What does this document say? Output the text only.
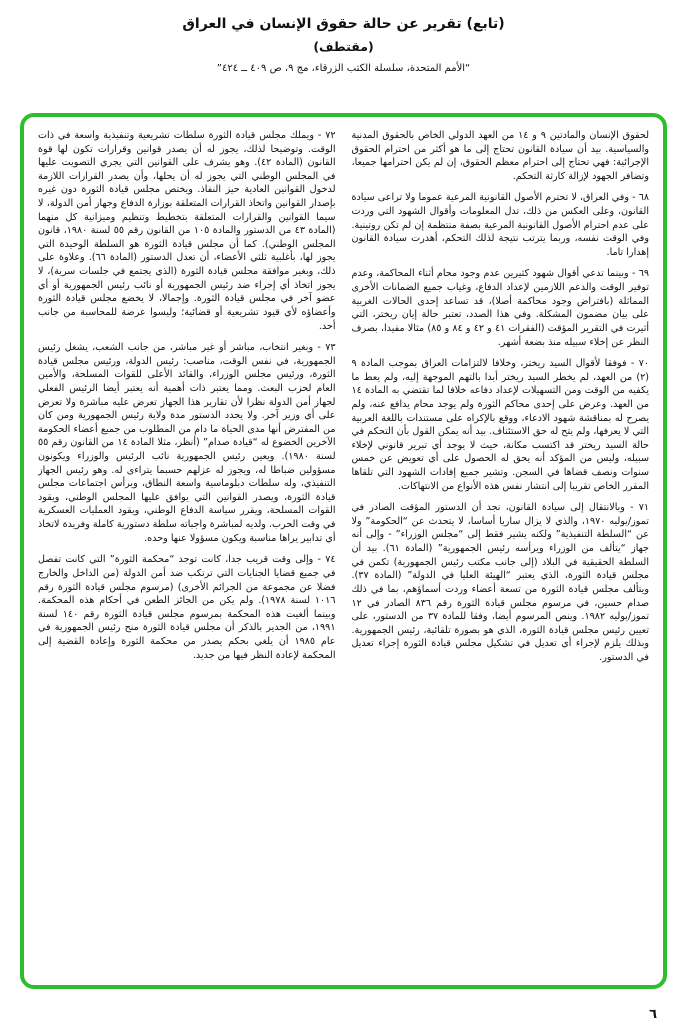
(تابع) تقرير عن حالة حقوق الإنسان في العراق
(مقتطف)
“الأمم المتحدة، سلسلة الكتب الزرقاء، مج ٩، ص ٤٠٩ ــ ٤٢٤”

لحقوق الإنسان والمادتين ٩ و ١٤ من العهد الدولي الخاص بالحقوق المدنية والسياسية. بيد أن سيادة القانون تحتاج إلى ما هو أكثر من احترام الحقوق الإجرائية: فهي تحتاج إلى احترام معظم الحقوق، إن لم يكن احترامها جميعا، وتضافر الجهود لإزالة كارثة التحكم.

٦٨ - وفي العراق، لا تحترم الأصول القانونية المرعية عموما ولا تراعى سيادة القانون، وعلى العكس من ذلك، تدل المعلومات وأقوال الشهود التي وردت على عدم احترام الأصول القانونية المرعية بصفة منتظمة إن لم تكن روتينية. وفي الوقت نفسه، وربما يترتب نتيجة لذلك التحكم، أهدرت سيادة القانون إهدارا تاما.

٦٩ - وبينما تدعي أقوال شهود كثيرين عدم وجود محام أثناء المحاكمة، وعدم توفير الوقت والدعم اللازمين لإعداد الدفاع، وغياب جميع الضمانات الأخرى المماثلة (بافتراض وجود محاكمة أصلا)، قد تساعد إحدى الحالات الغربية على بيان مضمون المشكلة. وفي هذا الصدد، تعتبر حالة إيان ريختر، التي أثيرت في التقرير المؤقت (الفقرات ٤١ و ٤٢ و ٨٤ و ٨٥) مثالا مفيدا، بصرف النظر عن إخلاء سبيله منذ بضعة أشهر.

٧٠ - فوفقا لأقوال السيد ريختر، وخلافا لالتزامات العراق بموجب المادة ٩ (٢) من العهد، لم يخطر السيد ريختر أبدا بالتهم الموجهة إليه، ولم يعط ما يكفيه من الوقت ومن التسهيلات لإعداد دفاعه خلافا لما تقتضي به المادة ١٤ من العهد. وعرض على إحدى محاكم الثورة ولم يوجد محام يدافع عنه، ولم يصرح له بمناقشة شهود الادعاء، ووقع بالإكراه على مستندات باللغة العربية التي لا يعرفها، ولم يتح له حق الاستئناف. بيد أنه يمكن القول بأن التحكم في حالة السيد ريختر قد اكتسب مكانة، حيث لا يوجد أي تبرير قانوني لإخلاء سبيله، وليس من المؤكد أنه يحق له الحصول على أي تعويض عن خمس سنوات ونصف قضاها في السجن. وتشير جميع إفادات الشهود التي تلقاها المقرر الخاص تقريبا إلى انتشار نفس هذه الأنواع من الانتهاكات.

٧١ - وبالانتقال إلى سيادة القانون، نجد أن الدستور المؤقت الصادر في تموز/يوليه ١٩٧٠، والذي لا يزال ساريا أساسا، لا يتحدث عن “الحكومة” ولا عن “السلطة التنفيذية” ولكنه يشير فقط إلى “مجلس الوزراء” - وإلى أنه جهاز “يتألف من الوزراء ويرأسه رئيس الجمهورية” (المادة ٦١). بيد أن السلطة الحقيقية في البلاد (إلى جانب مكتب رئيس الجمهورية) تكمن في مجلس قيادة الثورة، الذي يعتبر “الهيئة العليا في الدولة” (المادة ٣٧). ويتألف مجلس قيادة الثورة من تسعة أعضاء وردت أسماؤهم، بما في ذلك صدام حسين، في مرسوم مجلس قيادة الثورة رقم ٨٣٦ الصادر في ١٢ تموز/يوليه ١٩٨٢. وينص المرسوم أيضا، وفقا للمادة ٣٧ من الدستور، على تعيين رئيس مجلس قيادة الثورة، الذي هو بصورة تلقائية، رئيس الجمهورية. وبذلك يلزم لإجراء أي تعديل في تشكيل مجلس قيادة الثورة إجراء تعديل في الدستور.

٧٢ - ويملك مجلس قيادة الثورة سلطات تشريعية وتنفيذية واسعة في ذات الوقت. وتوضيحا لذلك، يجوز له أن يصدر قوانين وقرارات تكون لها قوة القانون (المادة ٤٢). وهو يشرف على القوانين التي يجري التصويت عليها في المجلس الوطني التي يجوز له أن يحلها، وأن يصدر القرارات اللازمة لدخول القوانين العادية حيز النفاذ. ويختص مجلس قيادة الثورة دون غيره بإصدار القوانين واتخاذ القرارات المتعلقة بوزارة الدفاع وجهاز أمن الدولة، لا سيما القوانين والقرارات المتعلقة بتخطيط وتنظيم وميزانية كل منهما (المادة ٤٣ من الدستور والمادة ١٠٥ من القانون رقم ٥٥ لسنة ١٩٨٠، قانون المجلس الوطني). كما أن مجلس قيادة الثورة هو السلطة الوحيدة التي يجوز لها، بأغلبية ثلثي الأعضاء، أن تعدل الدستور (المادة ٦٦). وعلاوة على ذلك، وبغير موافقة مجلس قيادة الثورة (الذي يجتمع في جلسات سرية)، لا يجوز اتخاذ أي إجراء ضد رئيس الجمهورية أو نائب رئيس الجمهورية أو أي عضو آخر في مجلس قيادة الثورة. وإجمالا، لا يخضع مجلس قيادة الثورة وأعضاؤه لأي قيود تشريعية أو قضائية؛ وليسوا عرضة للمحاسبة من جانب أحد.

٧٣ - وبغير انتخاب، مباشر أو غير مباشر، من جانب الشعب، يشغل رئيس الجمهورية، في نفس الوقت، مناصب: رئيس الدولة، ورئيس مجلس قيادة الثورة، ورئيس مجلس الوزراء، والقائد الأعلى للقوات المسلحة، والأمين العام لحزب البعث. ومما يعتبر ذات أهمية أنه يعتبر أيضا الرئيس الفعلي لجهاز أمن الدولة نظرا لأن تقارير هذا الجهاز تعرض عليه مباشرة ولا تعرض على أي وزير آخر. ولا يحدد الدستور مدة ولاية رئيس الجمهورية ومن كان من المفترض أنها مدى الحياة ما دام من المطلوب من جميع أعضاء الحكومة الآخرين الخضوع له “قيادة صدام” (أنظر، مثلا المادة ١٤ من القانون رقم ٥٥ لسنة ١٩٨٠). ويعين رئيس الجمهورية نائب الرئيس والوزراء ويكونون مسؤولين ضباطا له، ويجوز له عزلهم حسبما يتراءى له. وهو رئيس الجهاز التنفيذي، وله سلطات دبلوماسية واسعة النطاق، ويرأس اجتماعات مجلس قيادة الثورة، ويصدر القوانين التي يوافق عليها المجلس الوطني، ويقود القوات المسلحة، ويقرر سياسة الدفاع الوطني، ويقود العمليات العسكرية في وقت الحرب. ولديه لمباشرة واجباته سلطة دستورية كاملة وفريدة لاتخاذ أي تدابير يراها مناسبة ويكون مسؤولا عنها وحده.

٧٤ - وإلى وقت قريب جدا، كانت توجد “محكمة الثورة” التي كانت تفصل في جميع قضايا الجنايات التي ترتكب ضد أمن الدولة (من الداخل والخارج فضلا عن مجموعة من الجرائم الأخرى) (مرسوم مجلس قيادة الثورة رقم ١٠١٦ لسنة ١٩٧٨). ولم يكن من الجائز الطعن في أحكام هذه المحكمة. وبينما ألغيت هذه المحكمة بمرسوم مجلس قيادة الثورة رقم ١٤٠ لسنة ١٩٩١، من الجدير بالذكر أن مجلس قيادة الثورة منح رئيس الجمهورية في عام ١٩٨٥ أن يلغي بحكم يصدر من محكمة الثورة وإعادة القضية إلى المحكمة لإعادة النظر فيها من جديد.

٦
